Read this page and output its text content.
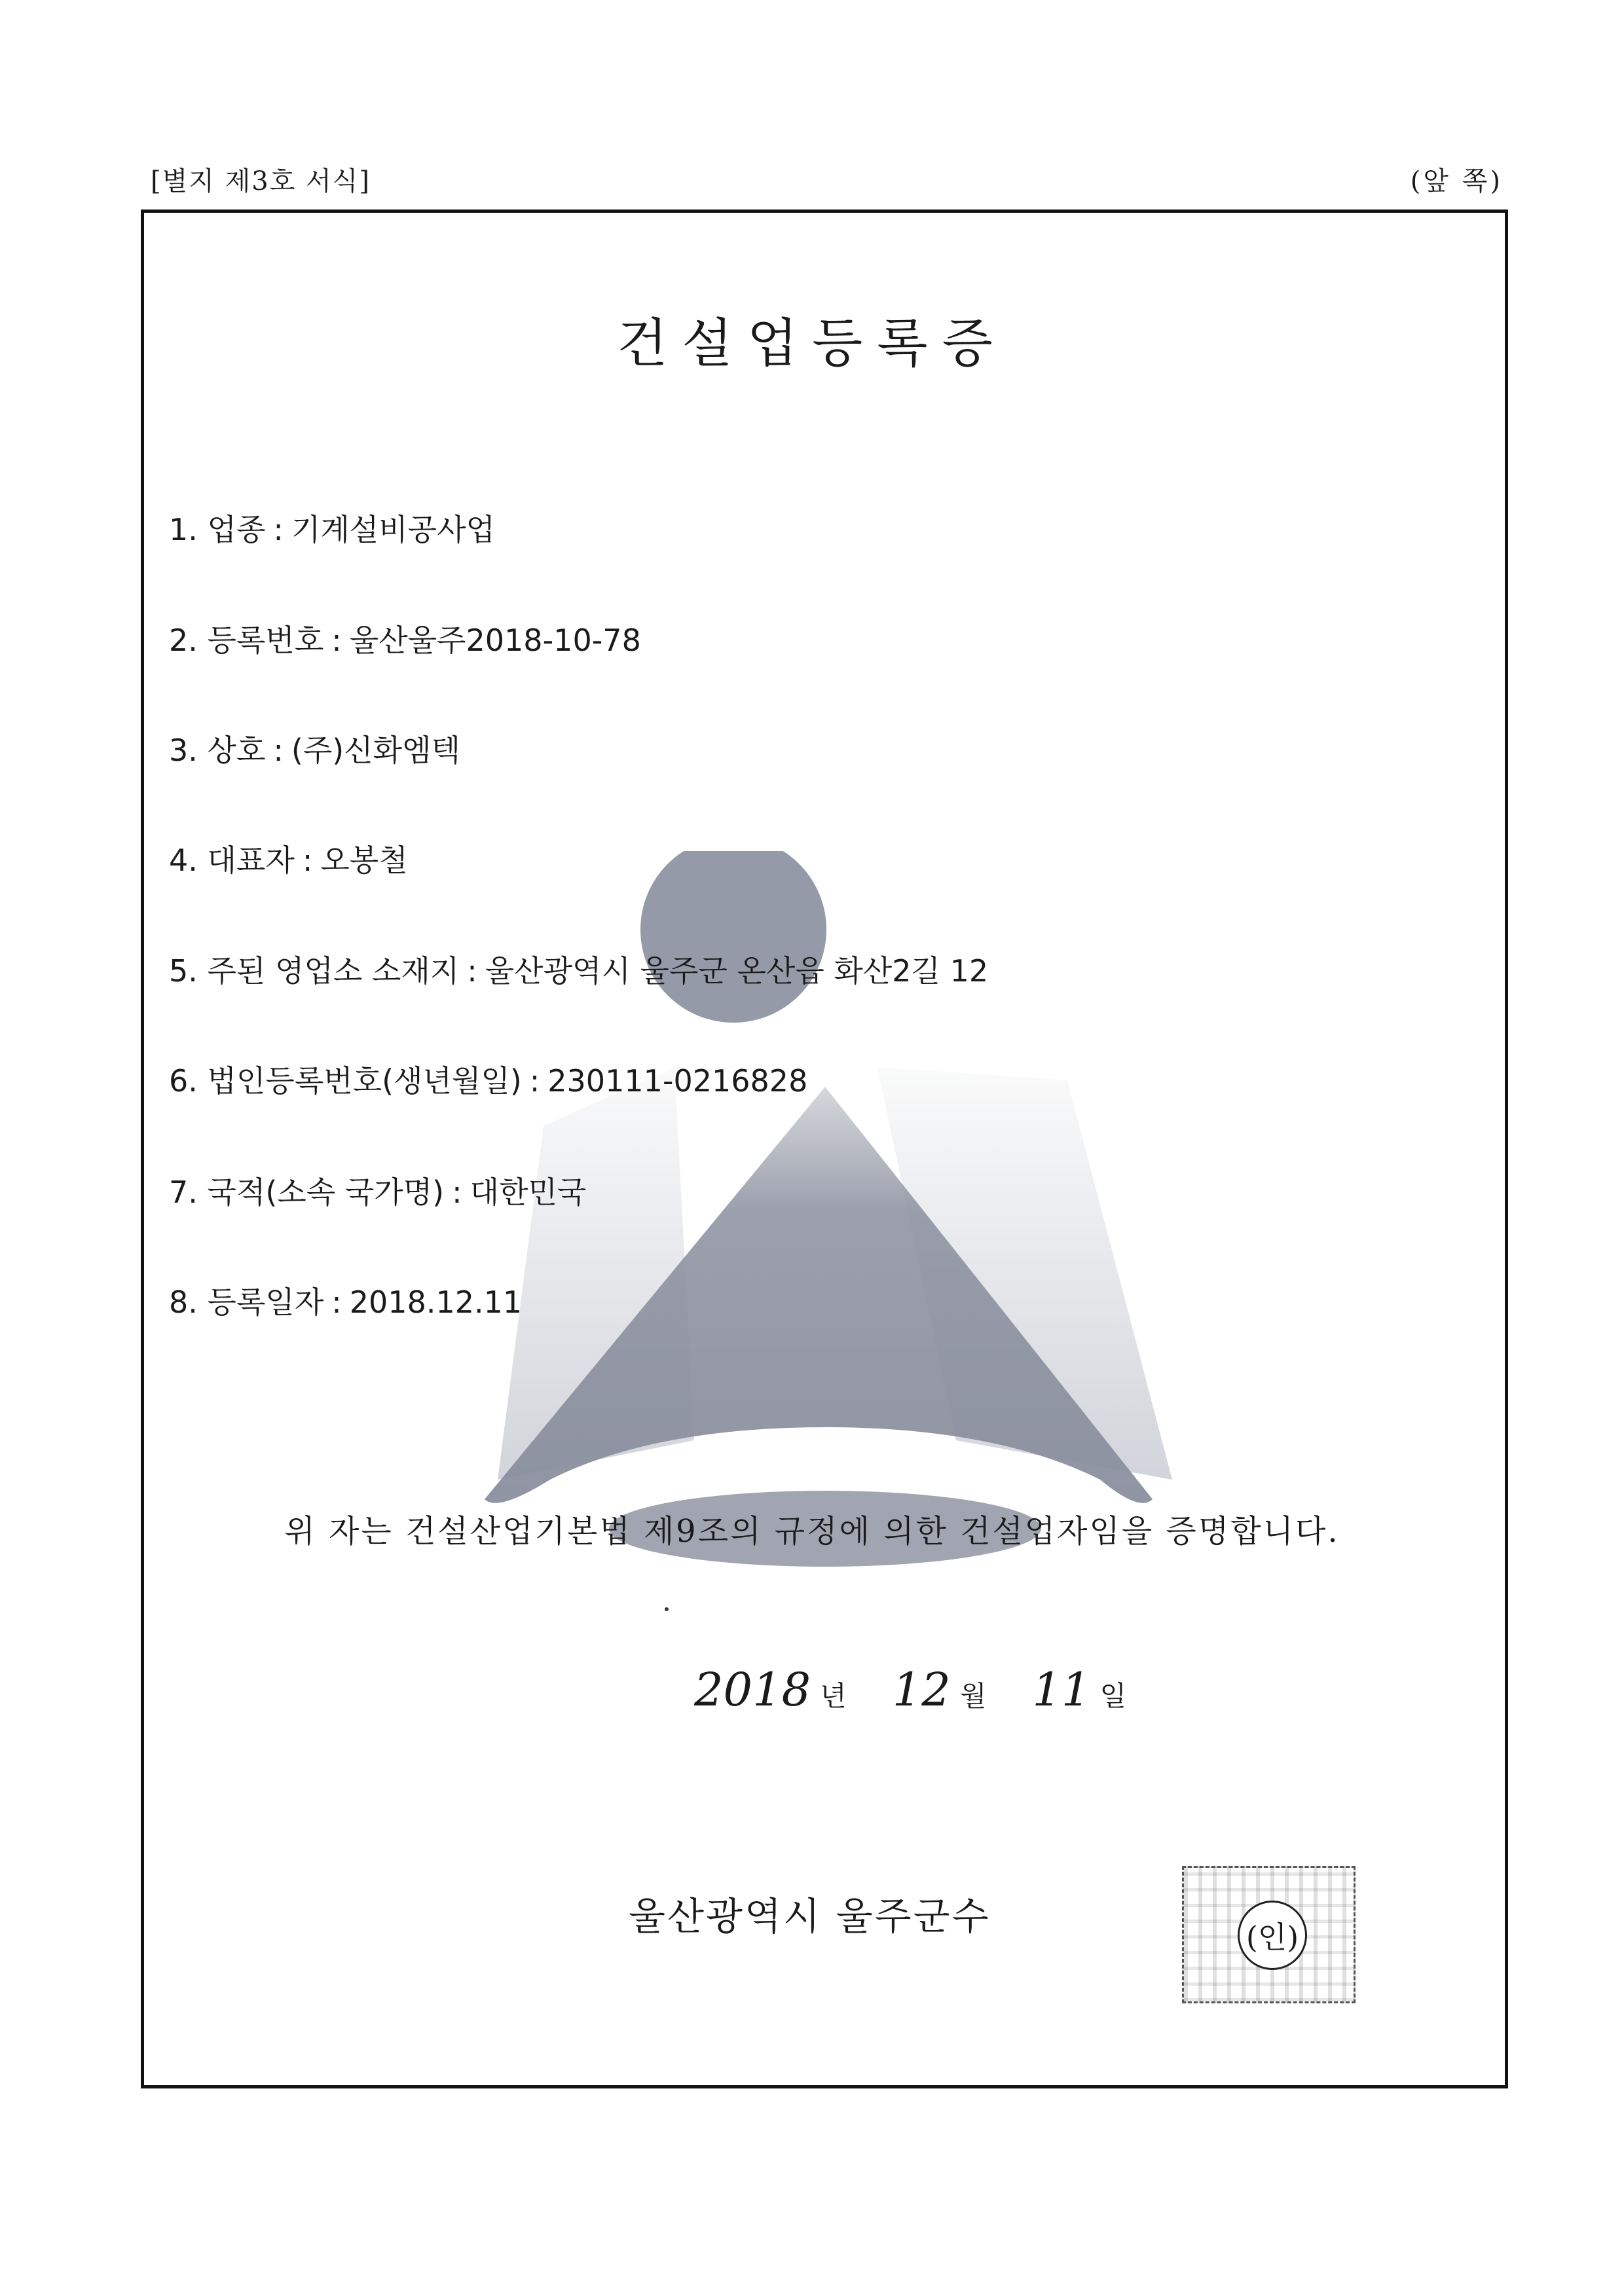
[별지 제3호 서식]	(앞 쪽)
건설업등록증
1. 업종 : 기계설비공사업
2. 등록번호 : 울산울주2018-10-78
3. 상호 : (주)신화엠텍
4. 대표자 : 오봉철
5. 주된 영업소 소재지 : 울산광역시 울주군 온산읍 화산2길 12
6. 법인등록번호(생년월일) : 230111-0216828
7. 국적(소속 국가명) : 대한민국
8. 등록일자 : 2018.12.11
위 자는 건설산업기본법 제9조의 규정에 의한 건설업자임을 증명합니다.
2018 년 12 월 11 일
울산광역시 울주군수	(인)
